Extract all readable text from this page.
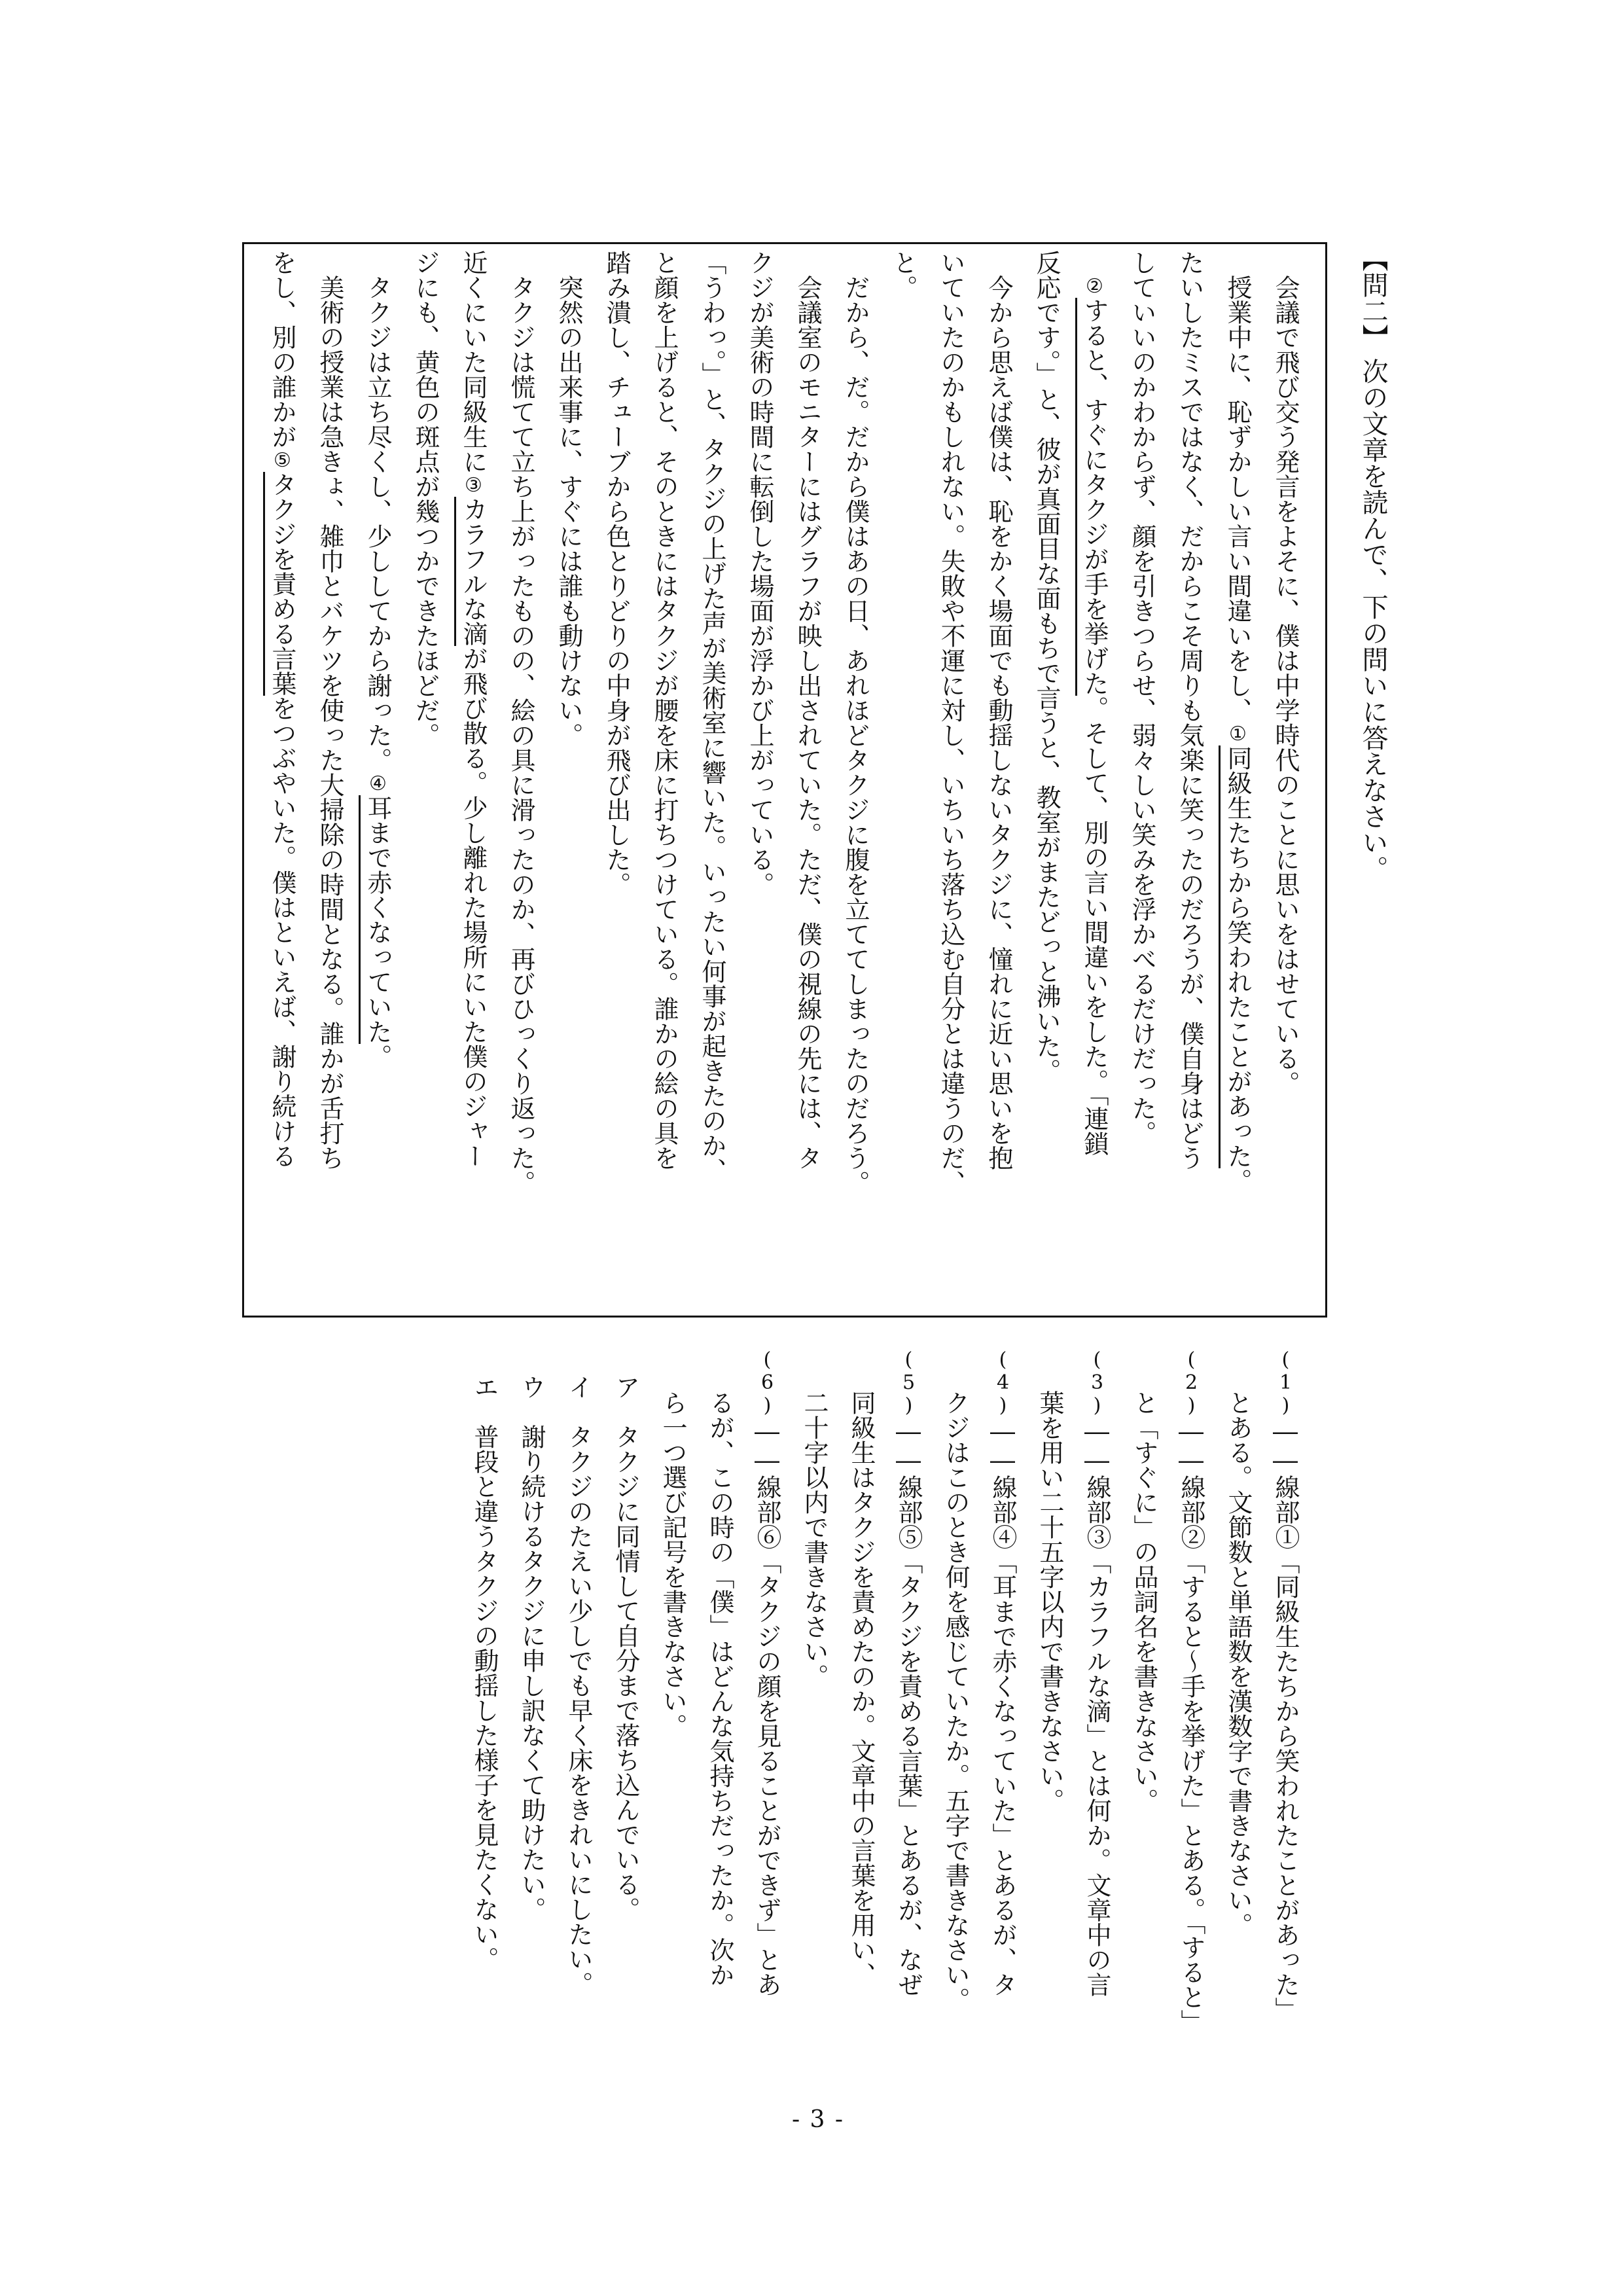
【問二】次の文章を読んで、下の問いに答えなさい。
会議で飛び交う発言をよそに、僕は中学時代のことに思いをはせている。
授業中に、恥ずかしい言い間違いをし、①同級生たちから笑われたことがあった。
たいしたミスではなく、だからこそ周りも気楽に笑ったのだろうが、僕自身はどう
していいのかわからず、顔を引きつらせ、弱々しい笑みを浮かべるだけだった。
②すると、すぐにタクジが手を挙げた。そして、別の言い間違いをした。「連鎖
反応です。」と、彼が真面目な面もちで言うと、教室がまたどっと沸いた。
今から思えば僕は、恥をかく場面でも動揺しないタクジに、憧れに近い思いを抱
いていたのかもしれない。失敗や不運に対し、いちいち落ち込む自分とは違うのだ、
と。
だから、だ。だから僕はあの日、あれほどタクジに腹を立ててしまったのだろう。
会議室のモニターにはグラフが映し出されていた。ただ、僕の視線の先には、タ
クジが美術の時間に転倒した場面が浮かび上がっている。
「うわっ。」と、タクジの上げた声が美術室に響いた。いったい何事が起きたのか、
と顔を上げると、そのときにはタクジが腰を床に打ちつけている。誰かの絵の具を
踏み潰し、チューブから色とりどりの中身が飛び出した。
突然の出来事に、すぐには誰も動けない。
タクジは慌てて立ち上がったものの、絵の具に滑ったのか、再びひっくり返った。
近くにいた同級生に③カラフルな滴が飛び散る。少し離れた場所にいた僕のジャー
ジにも、黄色の斑点が幾つかできたほどだ。
タクジは立ち尽くし、少ししてから謝った。④耳まで赤くなっていた。
美術の授業は急きょ、雑巾とバケツを使った大掃除の時間となる。誰かが舌打ち
をし、別の誰かが⑤タクジを責める言葉をつぶやいた。僕はといえば、謝り続ける
(1)――線部①「同級生たちから笑われたことがあった」
とある。文節数と単語数を漢数字で書きなさい。
(2)――線部②「すると〜手を挙げた」とある。「すると」
と「すぐに」の品詞名を書きなさい。
(3)――線部③「カラフルな滴」とは何か。文章中の言
葉を用い二十五字以内で書きなさい。
(4)――線部④「耳まで赤くなっていた」とあるが、タ
クジはこのとき何を感じていたか。五字で書きなさい。
(5)――線部⑤「タクジを責める言葉」とあるが、なぜ
同級生はタクジを責めたのか。文章中の言葉を用い、
二十字以内で書きなさい。
(6)――線部⑥「タクジの顔を見ることができず」とあ
るが、この時の「僕」はどんな気持ちだったか。次か
ら一つ選び記号を書きなさい。
ア　タクジに同情して自分まで落ち込んでいる。
イ　タクジのたえい少しでも早く床をきれいにしたい。
ウ　謝り続けるタクジに申し訳なくて助けたい。
エ　普段と違うタクジの動揺した様子を見たくない。
- 3 -
